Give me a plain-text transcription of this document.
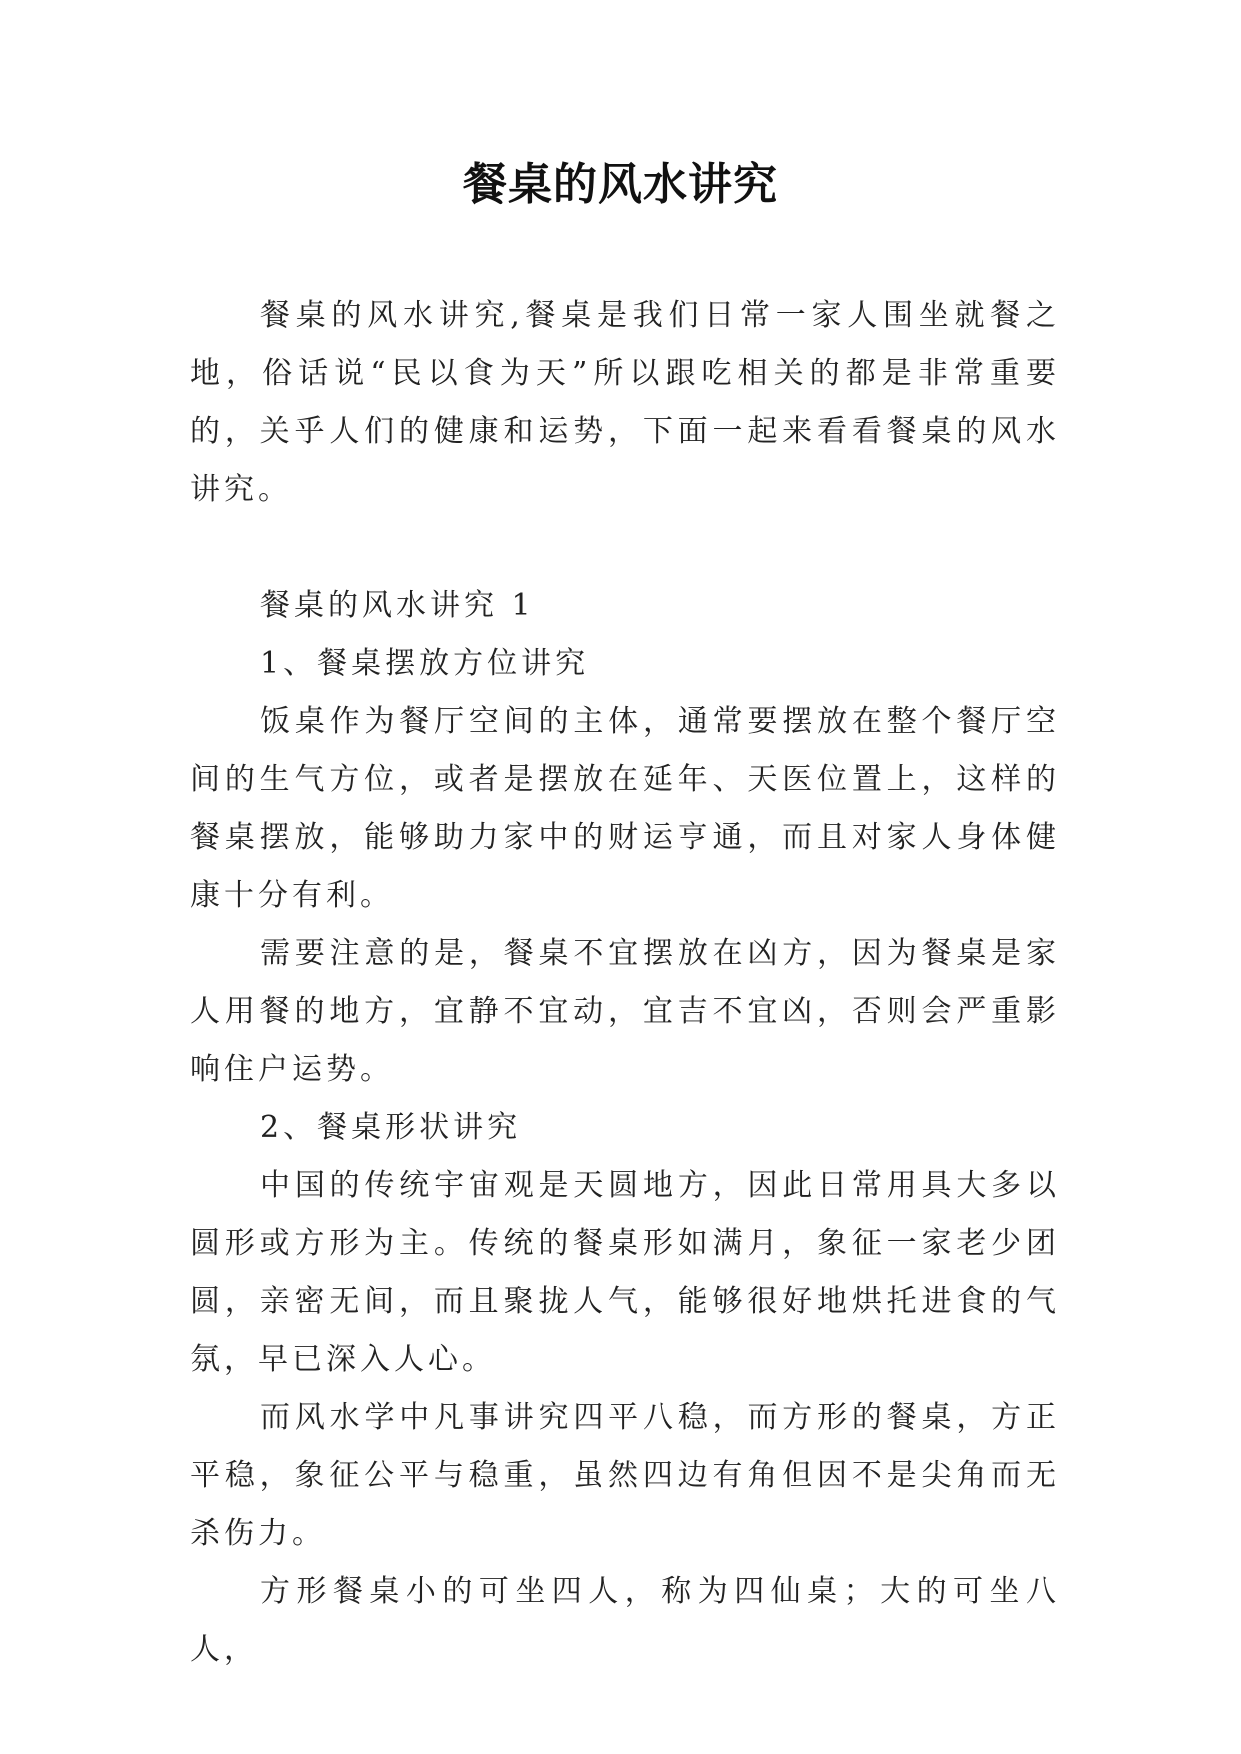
餐桌的风水讲究

餐桌的风水讲究,餐桌是我们日常一家人围坐就餐之地，俗话说“民以食为天”所以跟吃相关的都是非常重要的，关乎人们的健康和运势，下面一起来看看餐桌的风水讲究。

餐桌的风水讲究 1

1、餐桌摆放方位讲究

饭桌作为餐厅空间的主体，通常要摆放在整个餐厅空间的生气方位，或者是摆放在延年、天医位置上，这样的餐桌摆放，能够助力家中的财运亨通，而且对家人身体健康十分有利。

需要注意的是，餐桌不宜摆放在凶方，因为餐桌是家人用餐的地方，宜静不宜动，宜吉不宜凶，否则会严重影响住户运势。

2、餐桌形状讲究

中国的传统宇宙观是天圆地方，因此日常用具大多以圆形或方形为主。传统的餐桌形如满月，象征一家老少团圆，亲密无间，而且聚拢人气，能够很好地烘托进食的气氛，早已深入人心。

而风水学中凡事讲究四平八稳，而方形的餐桌，方正平稳，象征公平与稳重，虽然四边有角但因不是尖角而无杀伤力。

方形餐桌小的可坐四人，称为四仙桌；大的可坐八人，
